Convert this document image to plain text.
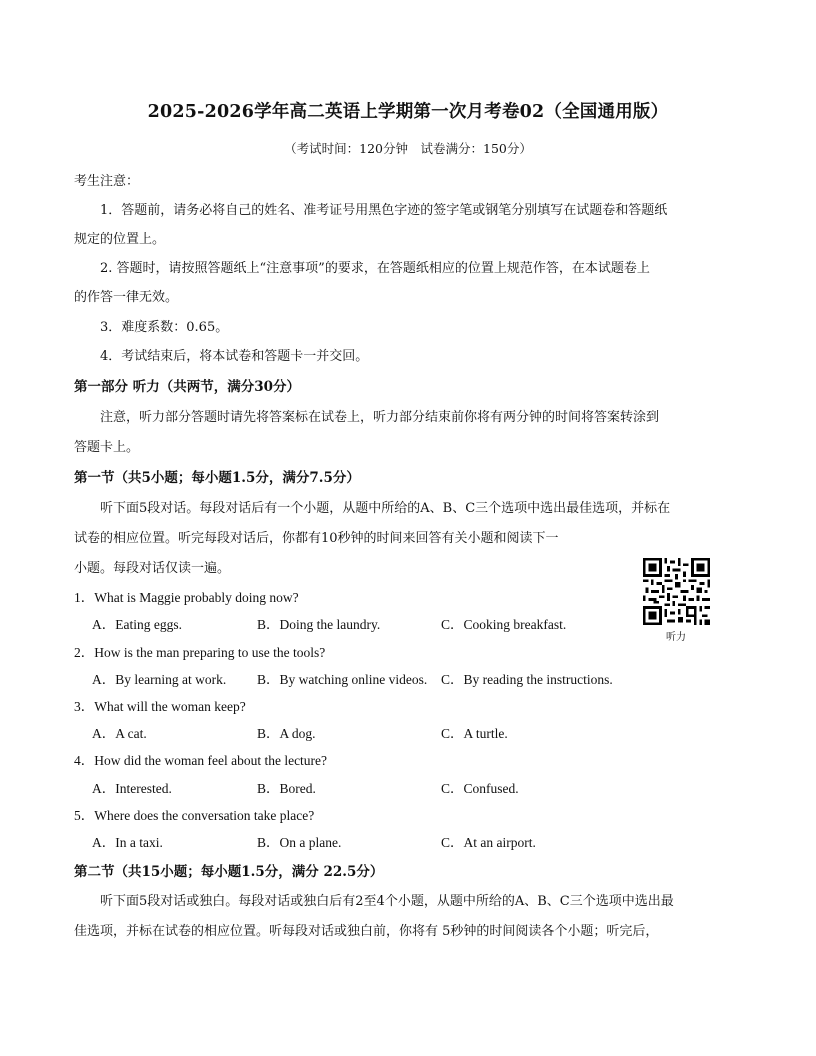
2025-2026学年高二英语上学期第一次月考卷02（全国通用版）
（考试时间：120分钟　试卷满分：150分）
考生注意：
1．答题前，请务必将自己的姓名、准考证号用黑色字迹的签字笔或钢笔分别填写在试题卷和答题纸
规定的位置上。
2. 答题时，请按照答题纸上“注意事项”的要求，在答题纸相应的位置上规范作答，在本试题卷上
的作答一律无效。
3．难度系数：0.65。
4．考试结束后，将本试卷和答题卡一并交回。
第一部分 听力（共两节，满分30分）
注意，听力部分答题时请先将答案标在试卷上，听力部分结束前你将有两分钟的时间将答案转涂到
答题卡上。
第一节（共5小题；每小题1.5分，满分7.5分）
听下面5段对话。每段对话后有一个小题，从题中所给的A、B、C三个选项中选出最佳选项，并标在
试卷的相应位置。听完每段对话后，你都有10秒钟的时间来回答有关小题和阅读下一
小题。每段对话仅读一遍。
听力
1．What is Maggie probably doing now?
A．Eating eggs.	B．Doing the laundry.	C．Cooking breakfast.
2．How is the man preparing to use the tools?
A．By learning at work. B．By watching online videos. C．By reading the instructions.
3．What will the woman keep?
A．A cat.	B．A dog.	C．A turtle.
4．How did the woman feel about the lecture?
A．Interested.	B．Bored.	C．Confused.
5．Where does the conversation take place?
A．In a taxi.	B．On a plane.	C．At an airport.
第二节（共15小题；每小题1.5分，满分 22.5分）
听下面5段对话或独白。每段对话或独白后有2至4个小题，从题中所给的A、B、C三个选项中选出最
佳选项，并标在试卷的相应位置。听每段对话或独白前，你将有 5秒钟的时间阅读各个小题；听完后，
